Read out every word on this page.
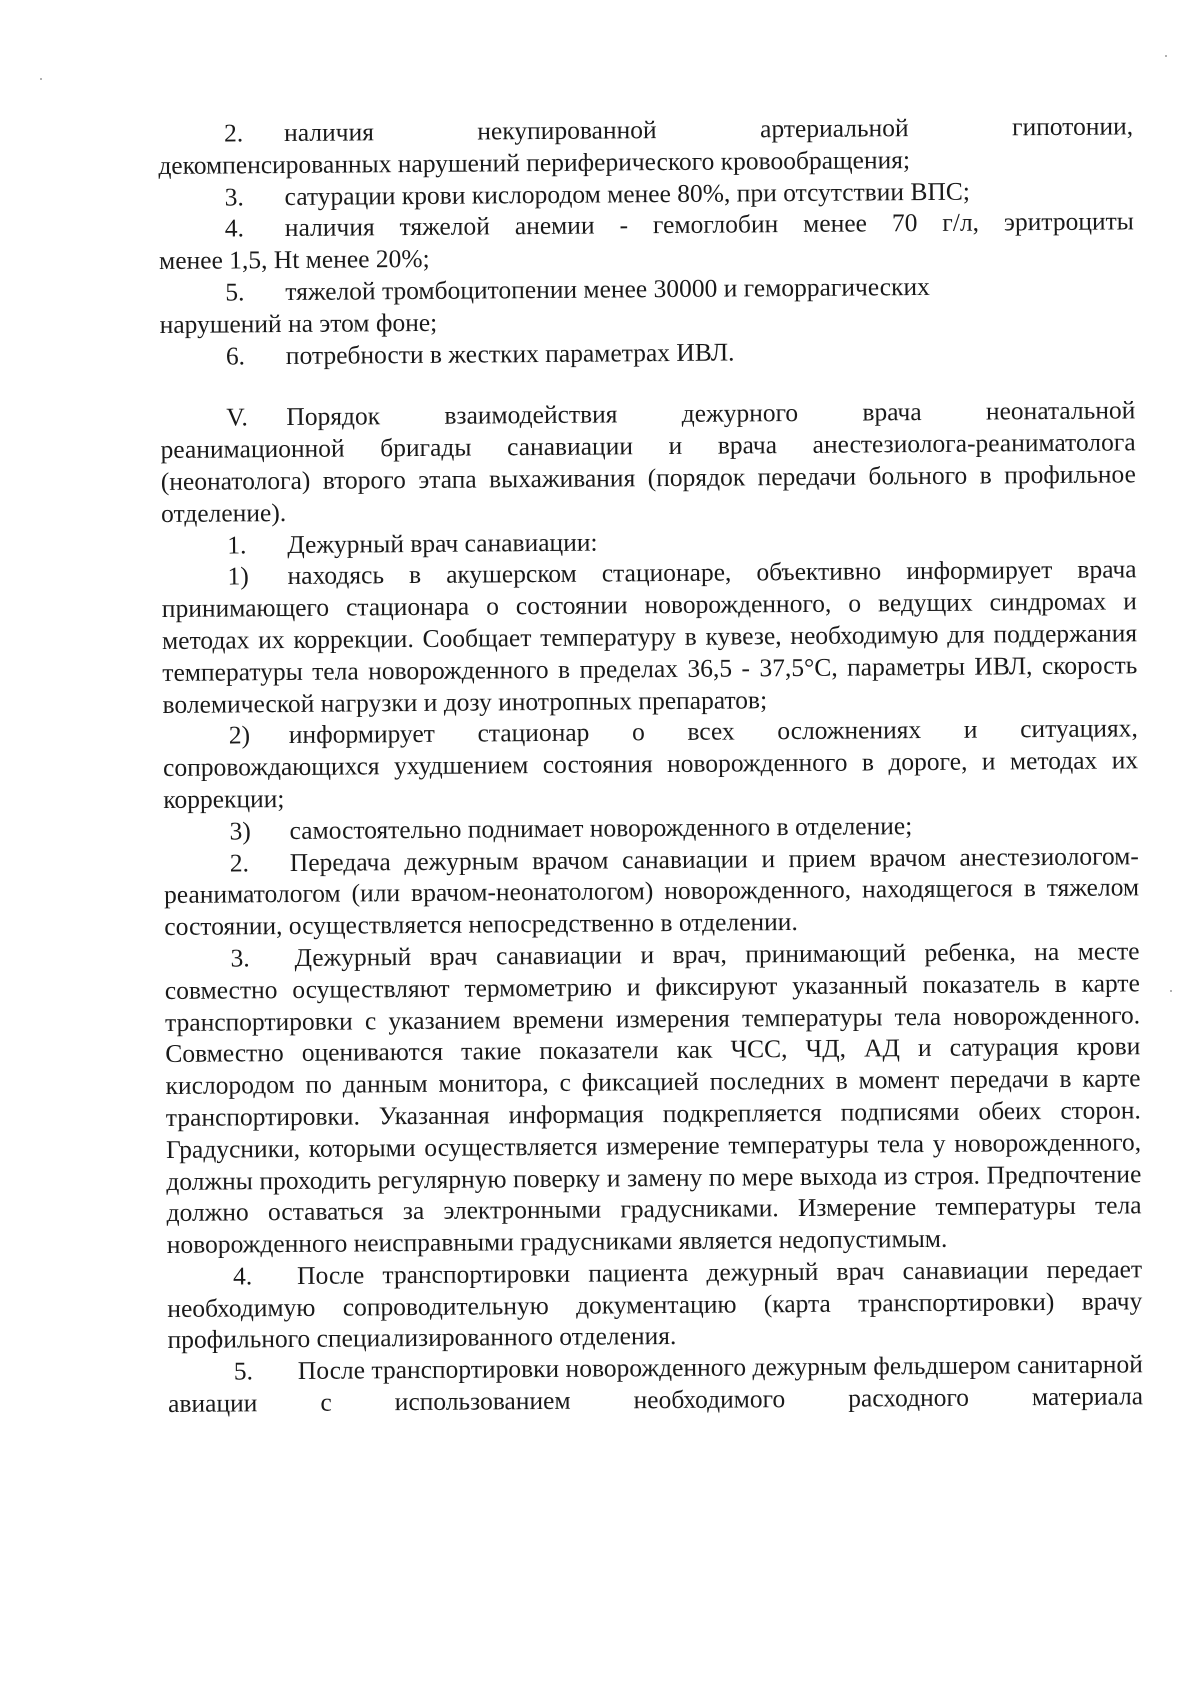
2. наличия некупированной артериальной гипотонии,

декомпенсированных нарушений периферического кровообращения;

3. сатурации крови кислородом менее 80%, при отсутствии ВПС;

4. наличия тяжелой анемии - гемоглобин менее 70 г/л, эритроциты

менее 1,5, Ht менее 20%;

5. тяжелой тромбоцитопении менее 30000 и геморрагических

нарушений на этом фоне;

6. потребности в жестких параметрах ИВЛ.

V. Порядок взаимодействия дежурного врача неонатальной

реанимационной бригады санавиации и врача анестезиолога-реаниматолога (неонатолога) второго этапа выхаживания (порядок передачи больного в профильное отделение).

1. Дежурный врач санавиации:

1) находясь в акушерском стационаре, объективно информирует врача принимающего стационара о состоянии новорожденного, о ведущих синдромах и методах их коррекции. Сообщает температуру в кувезе, необходимую для поддержания температуры тела новорожденного в пределах 36,5 - 37,5°С, параметры ИВЛ, скорость волемической нагрузки и дозу инотропных препаратов;

2) информирует стационар о всех осложнениях и ситуациях, сопровождающихся ухудшением состояния новорожденного в дороге, и методах их коррекции;

3) самостоятельно поднимает новорожденного в отделение;

2. Передача дежурным врачом санавиации и прием врачом анестезиологом-реаниматологом (или врачом-неонатологом) новорожденного, находящегося в тяжелом состоянии, осуществляется непосредственно в отделении.

3. Дежурный врач санавиации и врач, принимающий ребенка, на месте совместно осуществляют термометрию и фиксируют указанный показатель в карте транспортировки с указанием времени измерения температуры тела новорожденного. Совместно оцениваются такие показатели как ЧСС, ЧД, АД и сатурация крови кислородом по данным монитора, с фиксацией последних в момент передачи в карте транспортировки. Указанная информация подкрепляется подписями обеих сторон. Градусники, которыми осуществляется измерение температуры тела у новорожденного, должны проходить регулярную поверку и замену по мере выхода из строя. Предпочтение должно оставаться за электронными градусниками. Измерение температуры тела новорожденного неисправными градусниками является недопустимым.

4. После транспортировки пациента дежурный врач санавиации передает необходимую сопроводительную документацию (карта транспортировки) врачу профильного специализированного отделения.

5. После транспортировки новорожденного дежурным фельдшером санитарной авиации с использованием необходимого расходного материала
